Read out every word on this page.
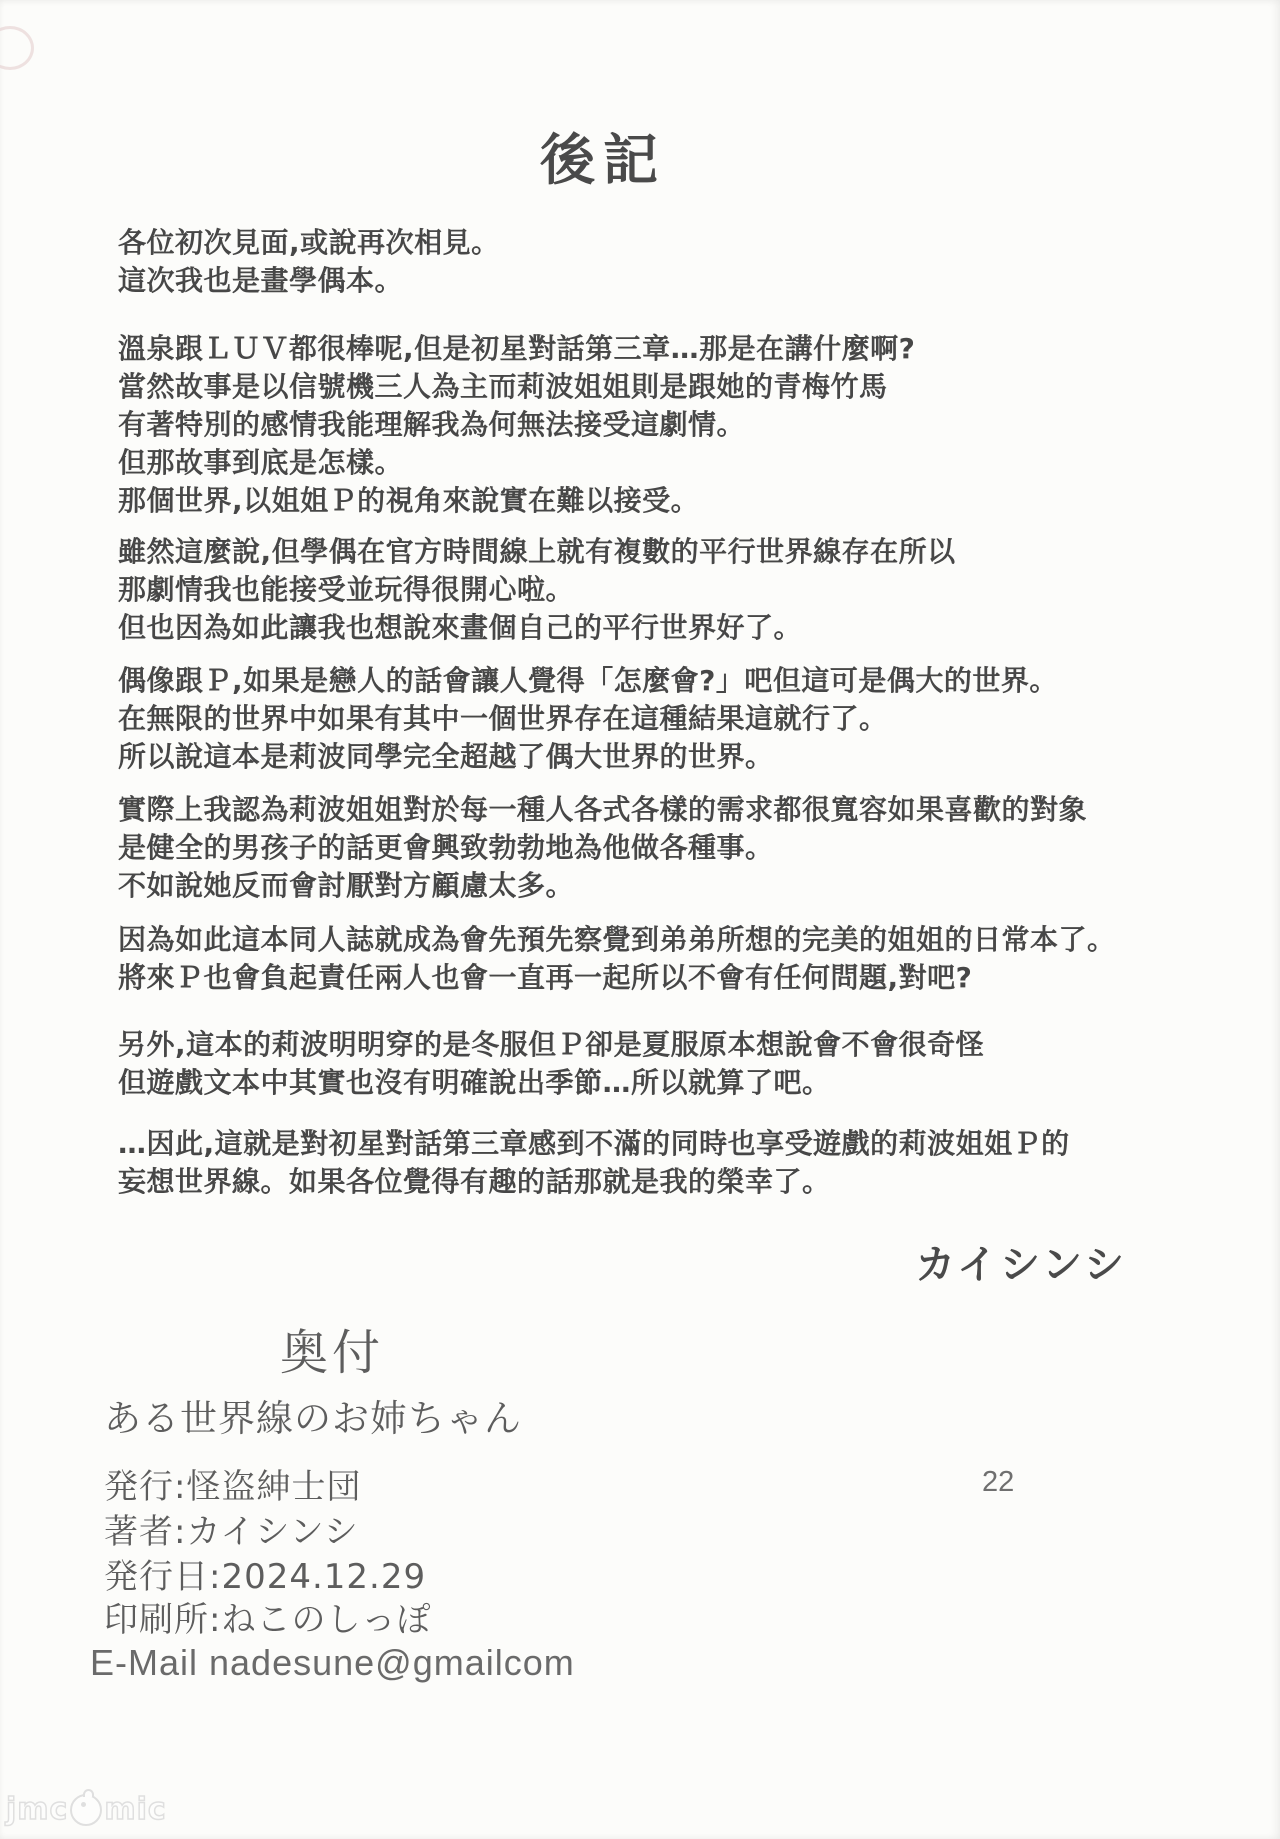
後記
各位初次見面,或說再次相見。
這次我也是畫學偶本。
溫泉跟ＬＵＶ都很棒呢,但是初星對話第三章…那是在講什麼啊?
當然故事是以信號機三人為主而莉波姐姐則是跟她的青梅竹馬
有著特別的感情我能理解我為何無法接受這劇情。
但那故事到底是怎樣。
那個世界,以姐姐Ｐ的視角來說實在難以接受。
雖然這麼說,但學偶在官方時間線上就有複數的平行世界線存在所以
那劇情我也能接受並玩得很開心啦。
但也因為如此讓我也想說來畫個自己的平行世界好了。
偶像跟Ｐ,如果是戀人的話會讓人覺得「怎麼會?」吧但這可是偶大的世界。
在無限的世界中如果有其中一個世界存在這種結果這就行了。
所以說這本是莉波同學完全超越了偶大世界的世界。
實際上我認為莉波姐姐對於每一種人各式各樣的需求都很寬容如果喜歡的對象
是健全的男孩子的話更會興致勃勃地為他做各種事。
不如說她反而會討厭對方顧慮太多。
因為如此這本同人誌就成為會先預先察覺到弟弟所想的完美的姐姐的日常本了。
將來Ｐ也會負起責任兩人也會一直再一起所以不會有任何問題,對吧?
另外,這本的莉波明明穿的是冬服但Ｐ卻是夏服原本想說會不會很奇怪
但遊戲文本中其實也沒有明確說出季節…所以就算了吧。
…因此,這就是對初星對話第三章感到不滿的同時也享受遊戲的莉波姐姐Ｐ的
妄想世界線。如果各位覺得有趣的話那就是我的榮幸了。
カイシンシ
奥付
ある世界線のお姉ちゃん
発行:怪盗紳士団
著者:カイシンシ
発行日:2024.12.29
印刷所:ねこのしっぽ
E-Mail nadesune@gmailcom
22
jmc mic
